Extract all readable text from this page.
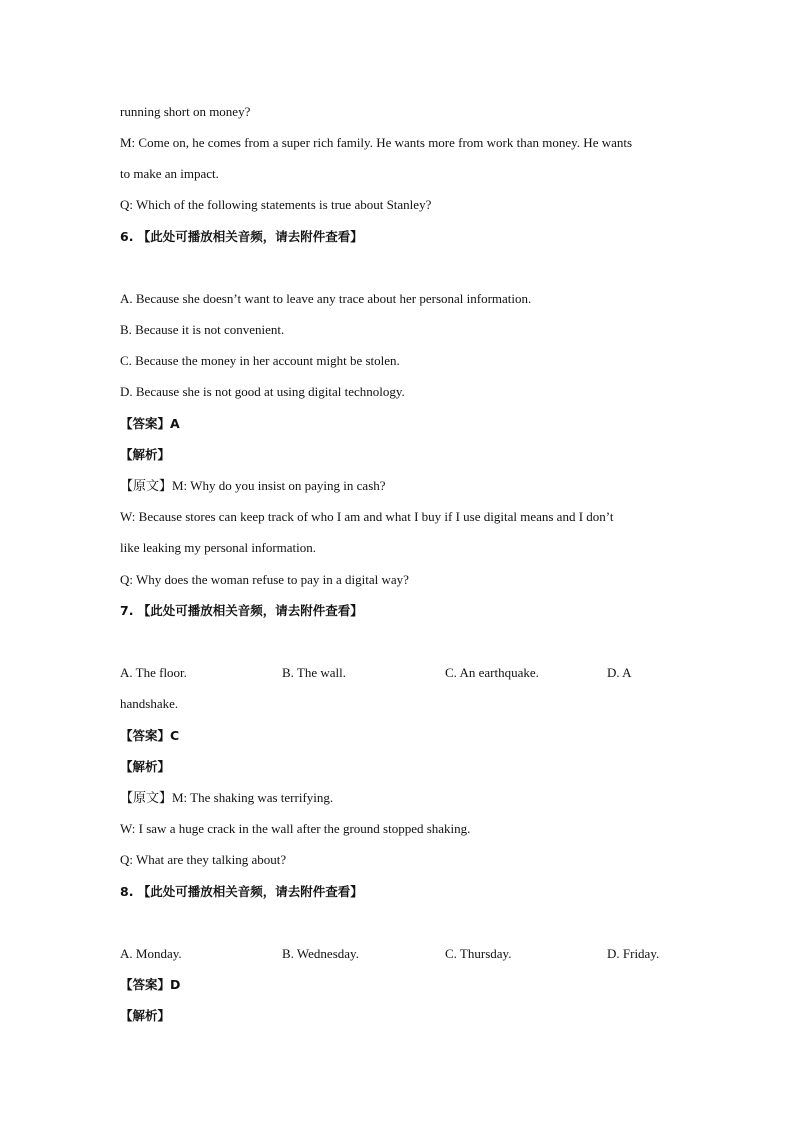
running short on money?
M: Come on, he comes from a super rich family. He wants more from work than money. He wants
to make an impact.
Q: Which of the following statements is true about Stanley?
6. 【此处可播放相关音频，请去附件查看】
A. Because she doesn’t want to leave any trace about her personal information.
B. Because it is not convenient.
C. Because the money in her account might be stolen.
D. Because she is not good at using digital technology.
【答案】A
【解析】
【原文】M: Why do you insist on paying in cash?
W: Because stores can keep track of who I am and what I buy if I use digital means and I don’t
like leaking my personal information.
Q: Why does the woman refuse to pay in a digital way?
7. 【此处可播放相关音频，请去附件查看】
A. The floor.	B. The wall.	C. An earthquake.	D. A
handshake.
【答案】C
【解析】
【原文】M: The shaking was terrifying.
W: I saw a huge crack in the wall after the ground stopped shaking.
Q: What are they talking about?
8. 【此处可播放相关音频，请去附件查看】
A. Monday.	B. Wednesday.	C. Thursday.	D. Friday.
【答案】D
【解析】
